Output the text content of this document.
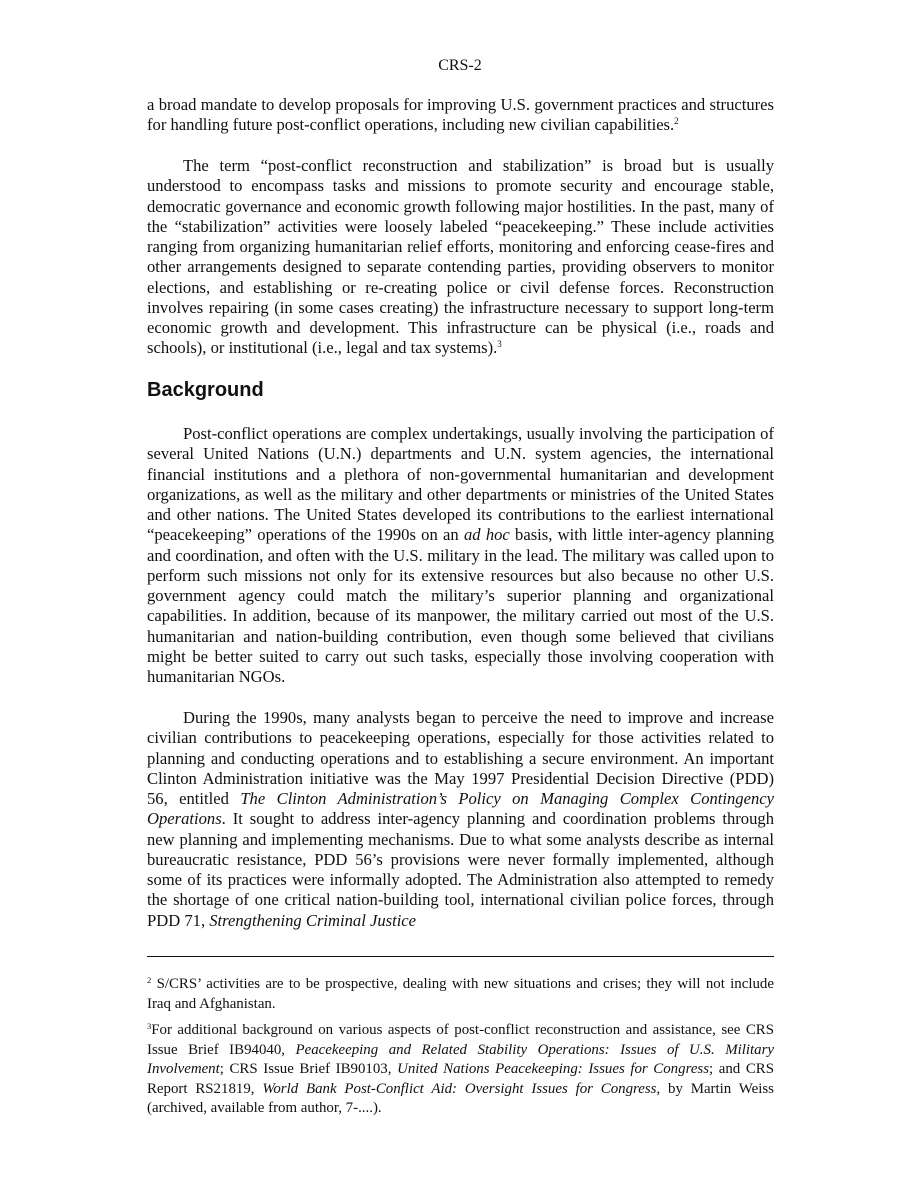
CRS-2

a broad mandate to develop proposals for improving U.S. government practices and structures for handling future post-conflict operations, including new civilian capabilities.$^2$

The term “post-conflict reconstruction and stabilization” is broad but is usually understood to encompass tasks and missions to promote security and encourage stable, democratic governance and economic growth following major hostilities. In the past, many of the “stabilization” activities were loosely labeled “peacekeeping.” These include activities ranging from organizing humanitarian relief efforts, monitoring and enforcing cease-fires and other arrangements designed to separate contending parties, providing observers to monitor elections, and establishing or re-creating police or civil defense forces. Reconstruction involves repairing (in some cases creating) the infrastructure necessary to support long-term economic growth and development. This infrastructure can be physical (i.e., roads and schools), or institutional (i.e., legal and tax systems).$^3$

Background

Post-conflict operations are complex undertakings, usually involving the participation of several United Nations (U.N.) departments and U.N. system agencies, the international financial institutions and a plethora of non-governmental humanitarian and development organizations, as well as the military and other departments or ministries of the United States and other nations. The United States developed its contributions to the earliest international “peacekeeping” operations of the 1990s on an ad hoc basis, with little inter-agency planning and coordination, and often with the U.S. military in the lead. The military was called upon to perform such missions not only for its extensive resources but also because no other U.S. government agency could match the military’s superior planning and organizational capabilities. In addition, because of its manpower, the military carried out most of the U.S. humanitarian and nation-building contribution, even though some believed that civilians might be better suited to carry out such tasks, especially those involving cooperation with humanitarian NGOs.

During the 1990s, many analysts began to perceive the need to improve and increase civilian contributions to peacekeeping operations, especially for those activities related to planning and conducting operations and to establishing a secure environment. An important Clinton Administration initiative was the May 1997 Presidential Decision Directive (PDD) 56, entitled The Clinton Administration’s Policy on Managing Complex Contingency Operations. It sought to address inter-agency planning and coordination problems through new planning and implementing mechanisms. Due to what some analysts describe as internal bureaucratic resistance, PDD 56’s provisions were never formally implemented, although some of its practices were informally adopted. The Administration also attempted to remedy the shortage of one critical nation-building tool, international civilian police forces, through PDD 71, Strengthening Criminal Justice

$^2$ S/CRS’ activities are to be prospective, dealing with new situations and crises; they will not include Iraq and Afghanistan.

$^3$For additional background on various aspects of post-conflict reconstruction and assistance, see CRS Issue Brief IB94040, Peacekeeping and Related Stability Operations: Issues of U.S. Military Involvement; CRS Issue Brief IB90103, United Nations Peacekeeping: Issues for Congress; and CRS Report RS21819, World Bank Post-Conflict Aid: Oversight Issues for Congress, by Martin Weiss (archived, available from author, 7-....).
